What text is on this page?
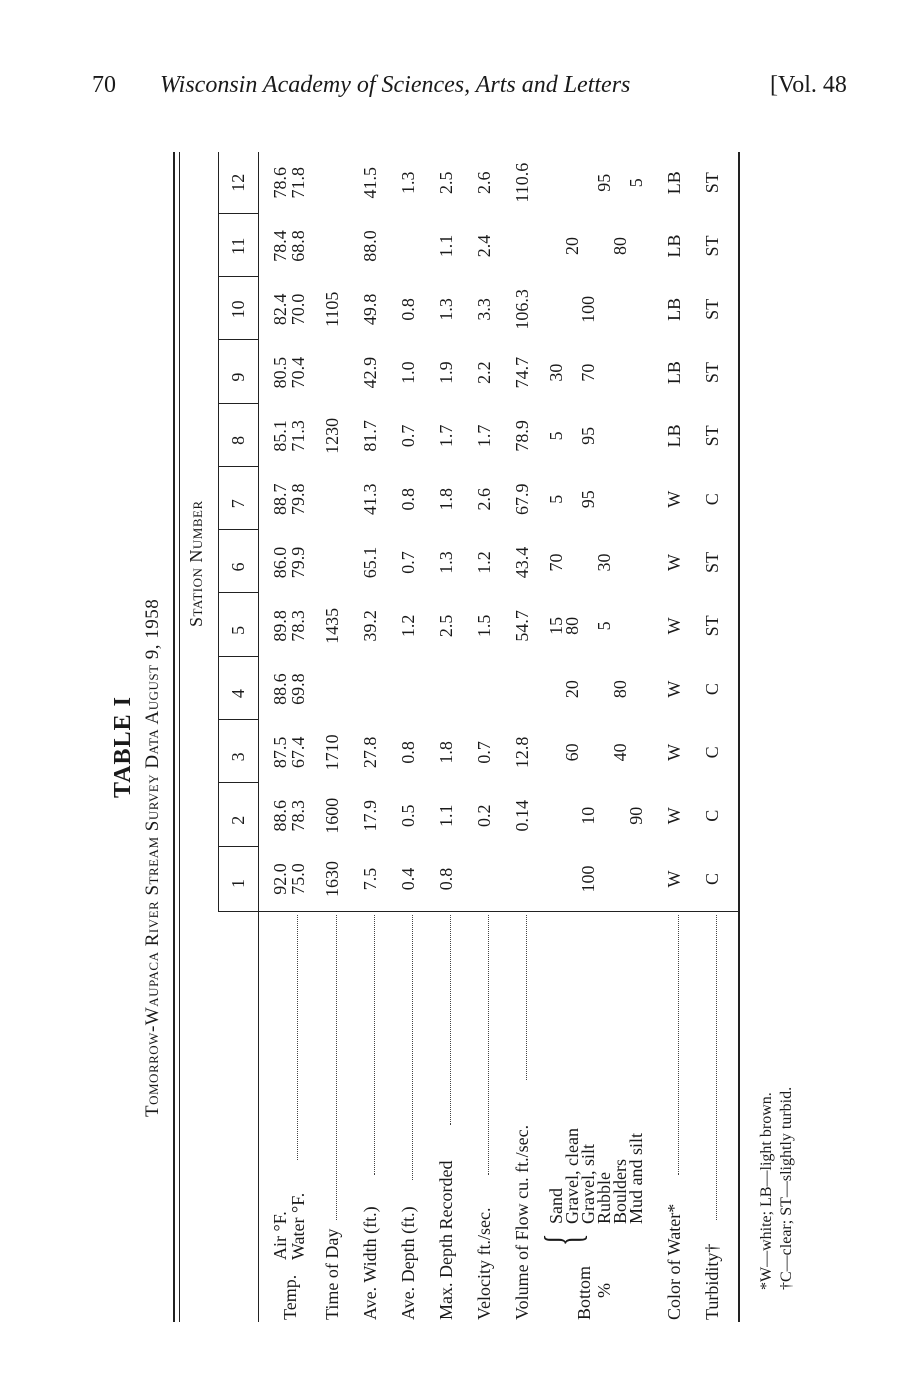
70 Wisconsin Academy of Sciences, Arts and Letters	[Vol. 48
TABLE I Tomorrow-Waupaca River Stream Survey Data August 9, 1958
Station Number
1
2
3
4
5
6
7
8
9
10
11
12
Temp.
Air °F.
Water °F.
Time of Day Ave. Width (ft.) Ave. Depth (ft.) Max. Depth Recorded Velocity ft./sec. Volume of Flow cu. ft./sec. Bottom %
{
Sand
Gravel, clean
Gravel, silt
Rubble
Boulders
Mud and silt
Color of Water* Turbidity†
92.0
88.6
87.5
88.6
89.8
86.0
88.7
85.1
80.5
82.4
78.4
78.6
75.0
78.3
67.4
69.8
78.3
79.9
79.8
71.3
70.4
70.0
68.8
71.8
1630
1600
1710
1435
1230
1105
7.5
17.9
27.8
39.2
65.1
41.3
81.7
42.9
49.8
88.0
41.5
0.4
0.5
0.8
1.2
0.7
0.8
0.7
1.0
0.8
1.3
0.8
1.1
1.8
2.5
1.3
1.8
1.7
1.9
1.3
1.1
2.5
0.2
0.7
1.5
1.2
2.6
1.7
2.2
3.3
2.4
2.6
0.14
12.8
54.7
43.4
67.9
78.9
74.7
106.3
110.6
15
70
5
5
30
60
20
80
20
100
10
95
95
70
100
5
30
95
40
80
80
90
5
W
W
W
W
W
W
W
LB
LB
LB
LB
LB
C
C
C
C
ST
ST
C
ST
ST
ST
ST
ST
*W—white; LB—light brown. †C—clear; ST—slightly turbid.
